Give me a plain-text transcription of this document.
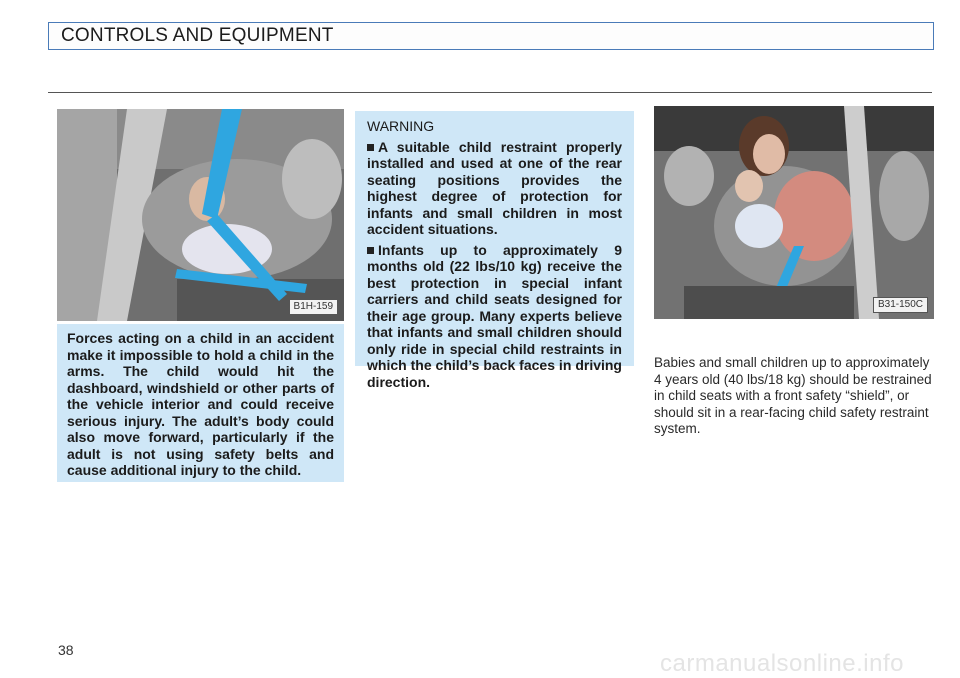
CONTROLS AND EQUIPMENT
B1H-159

Forces acting on a child in an accident make it impossible to hold a child in the arms. The child would hit the dashboard, windshield or other parts of the vehicle interior and could receive serious injury. The adult’s body could also move forward, particularly if the adult is not using safety belts and cause additional injury to the child.

WARNING

A suitable child restraint properly installed and used at one of the rear seating positions provides the highest degree of protection for infants and small children in most accident situations.

Infants up to approximately 9 months old (22 lbs/10 kg) receive the best protection in special infant carriers and child seats designed for their age group. Many experts believe that infants and small children should only ride in special child restraints in which the child’s back faces in driving direction.

B31-150C
Babies and small children up to approximately 4 years old (40 lbs/18 kg) should be restrained in child seats with a front safety “shield”, or should sit in a rear-facing child safety restraint system.
38	carmanualsonline.info
